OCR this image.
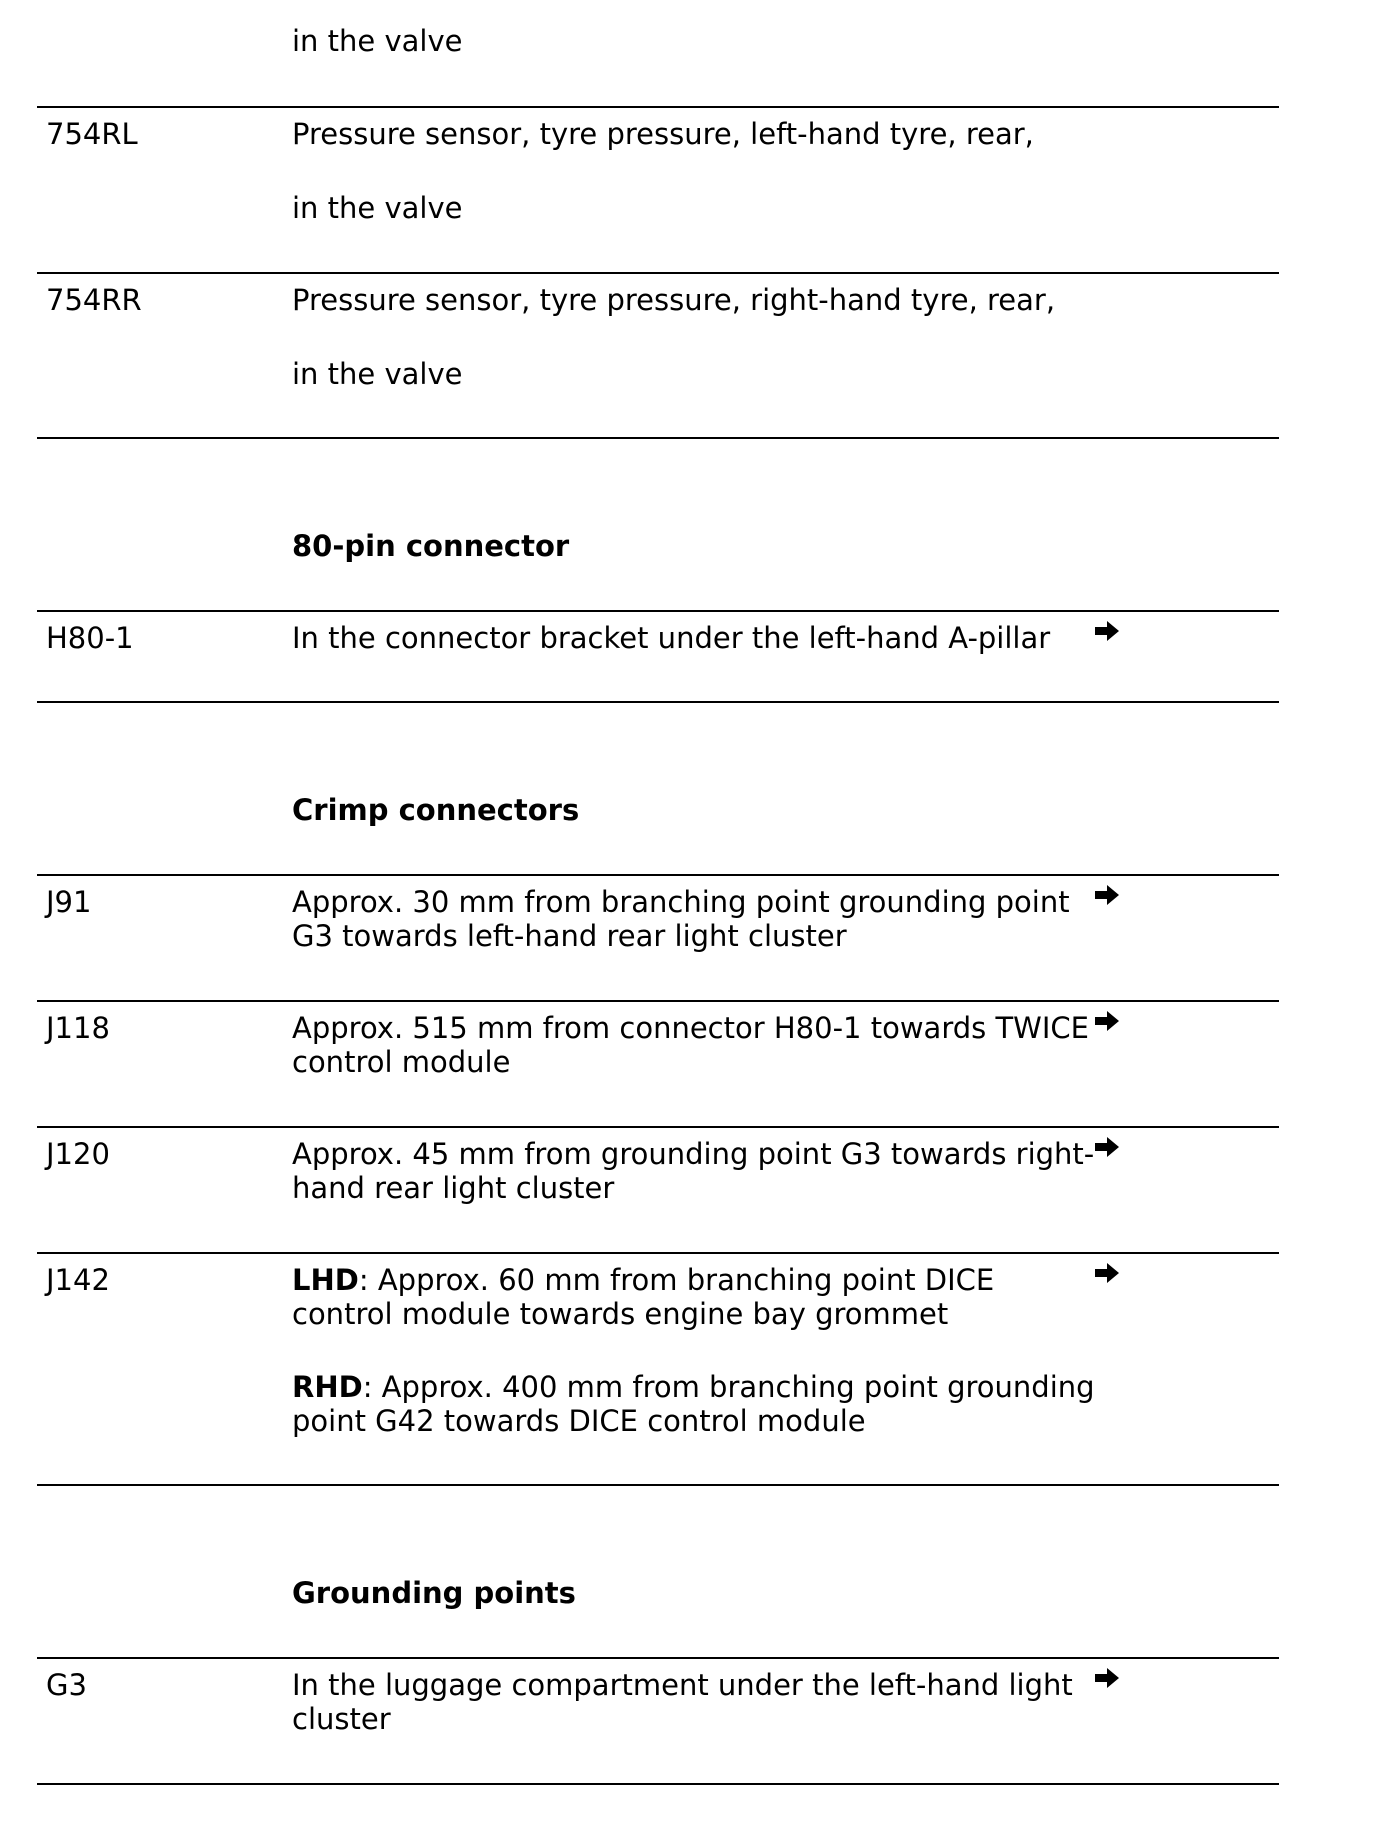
in the valve
754RL	Pressure sensor, tyre pressure, left-hand tyre, rear,
in the valve
754RR	Pressure sensor, tyre pressure, right-hand tyre, rear,
in the valve
80-pin connector
H80-1	In the connector bracket under the left-hand A-pillar
Crimp connectors
J91	Approx. 30 mm from branching point grounding point
G3 towards left-hand rear light cluster
J118	Approx. 515 mm from connector H80-1 towards TWICE
control module
J120	Approx. 45 mm from grounding point G3 towards right-
hand rear light cluster
J142	LHD: Approx. 60 mm from branching point DICE
control module towards engine bay grommet
RHD: Approx. 400 mm from branching point grounding
point G42 towards DICE control module
Grounding points
G3	In the luggage compartment under the left-hand light
cluster
